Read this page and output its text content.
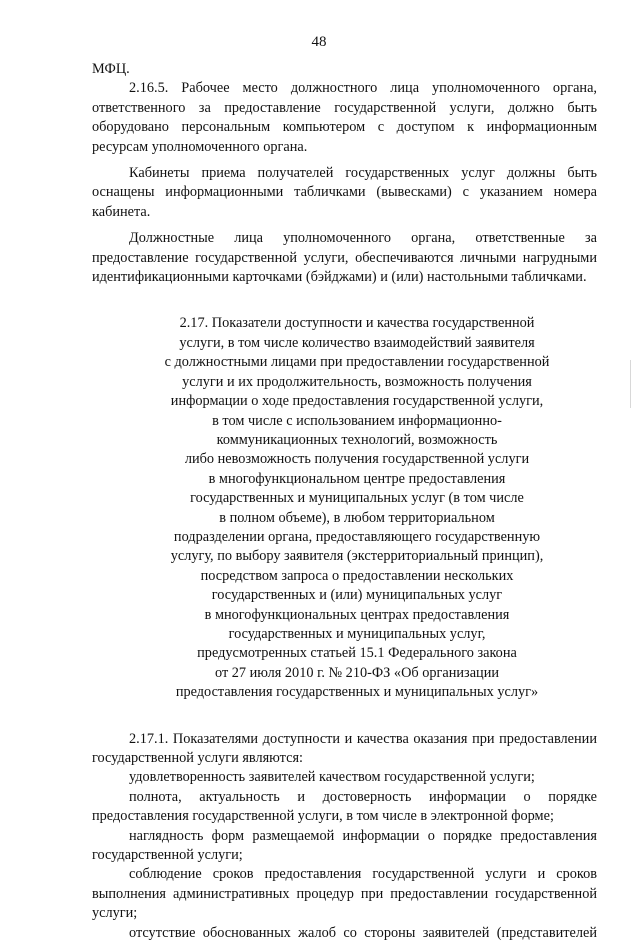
48

МФЦ.

2.16.5. Рабочее место должностного лица уполномоченного органа, ответственного за предоставление государственной услуги, должно быть оборудовано персональным компьютером с доступом к информационным ресурсам уполномоченного органа.

Кабинеты приема получателей государственных услуг должны быть оснащены информационными табличками (вывесками) с указанием номера кабинета.

Должностные лица уполномоченного органа, ответственные за предоставление государственной услуги, обеспечиваются личными нагрудными идентификационными карточками (бэйджами) и (или) настольными табличками.

2.17. Показатели доступности и качества государственной
услуги, в том числе количество взаимодействий заявителя
с должностными лицами при предоставлении государственной
услуги и их продолжительность, возможность получения
информации о ходе предоставления государственной услуги,
в том числе с использованием информационно-
коммуникационных технологий, возможность
либо невозможность получения государственной услуги
в многофункциональном центре предоставления
государственных и муниципальных услуг (в том числе
в полном объеме), в любом территориальном
подразделении органа, предоставляющего государственную
услугу, по выбору заявителя (экстерриториальный принцип),
посредством запроса о предоставлении нескольких
государственных и (или) муниципальных услуг
в многофункциональных центрах предоставления
государственных и муниципальных услуг,
предусмотренных статьей 15.1 Федерального закона
от 27 июля 2010 г. № 210-ФЗ «Об организации
предоставления государственных и муниципальных услуг»

2.17.1. Показателями доступности и качества оказания при предоставлении государственной услуги являются:

удовлетворенность заявителей качеством государственной услуги;

полнота, актуальность и достоверность информации о порядке предоставления государственной услуги, в том числе в электронной форме;

наглядность форм размещаемой информации о порядке предоставления государственной услуги;

соблюдение сроков предоставления государственной услуги и сроков выполнения административных процедур при предоставлении государственной услуги;

отсутствие обоснованных жалоб со стороны заявителей (представителей
